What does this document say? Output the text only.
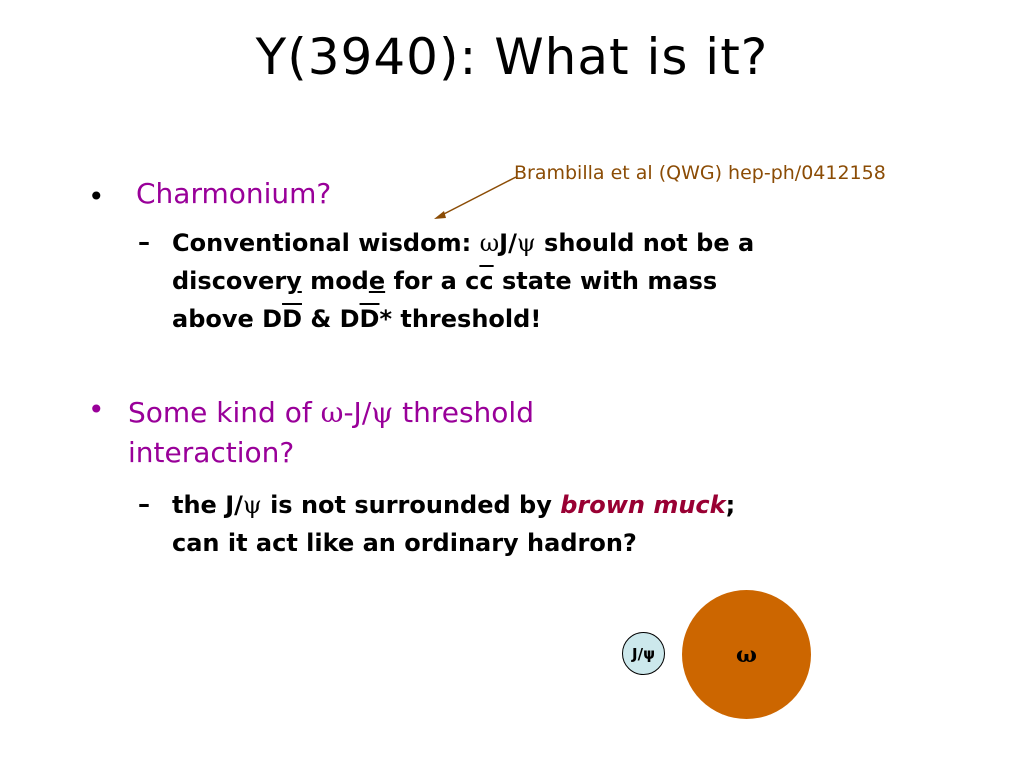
Y(3940): What is it?
Brambilla et al (QWG) hep-ph/0412158
• Charmonium?
– Conventional wisdom: ωJ/ψ should not be a
discovery mode for a $c\overline{c}$ state with mass
above $D\overline{D}$ & $D\overline{D}*$ threshold!
• Some kind of ω-J/ψ threshold
interaction?
– the J/ψ is not surrounded by brown muck;
can it act like an ordinary hadron?
J/ψ	ω
